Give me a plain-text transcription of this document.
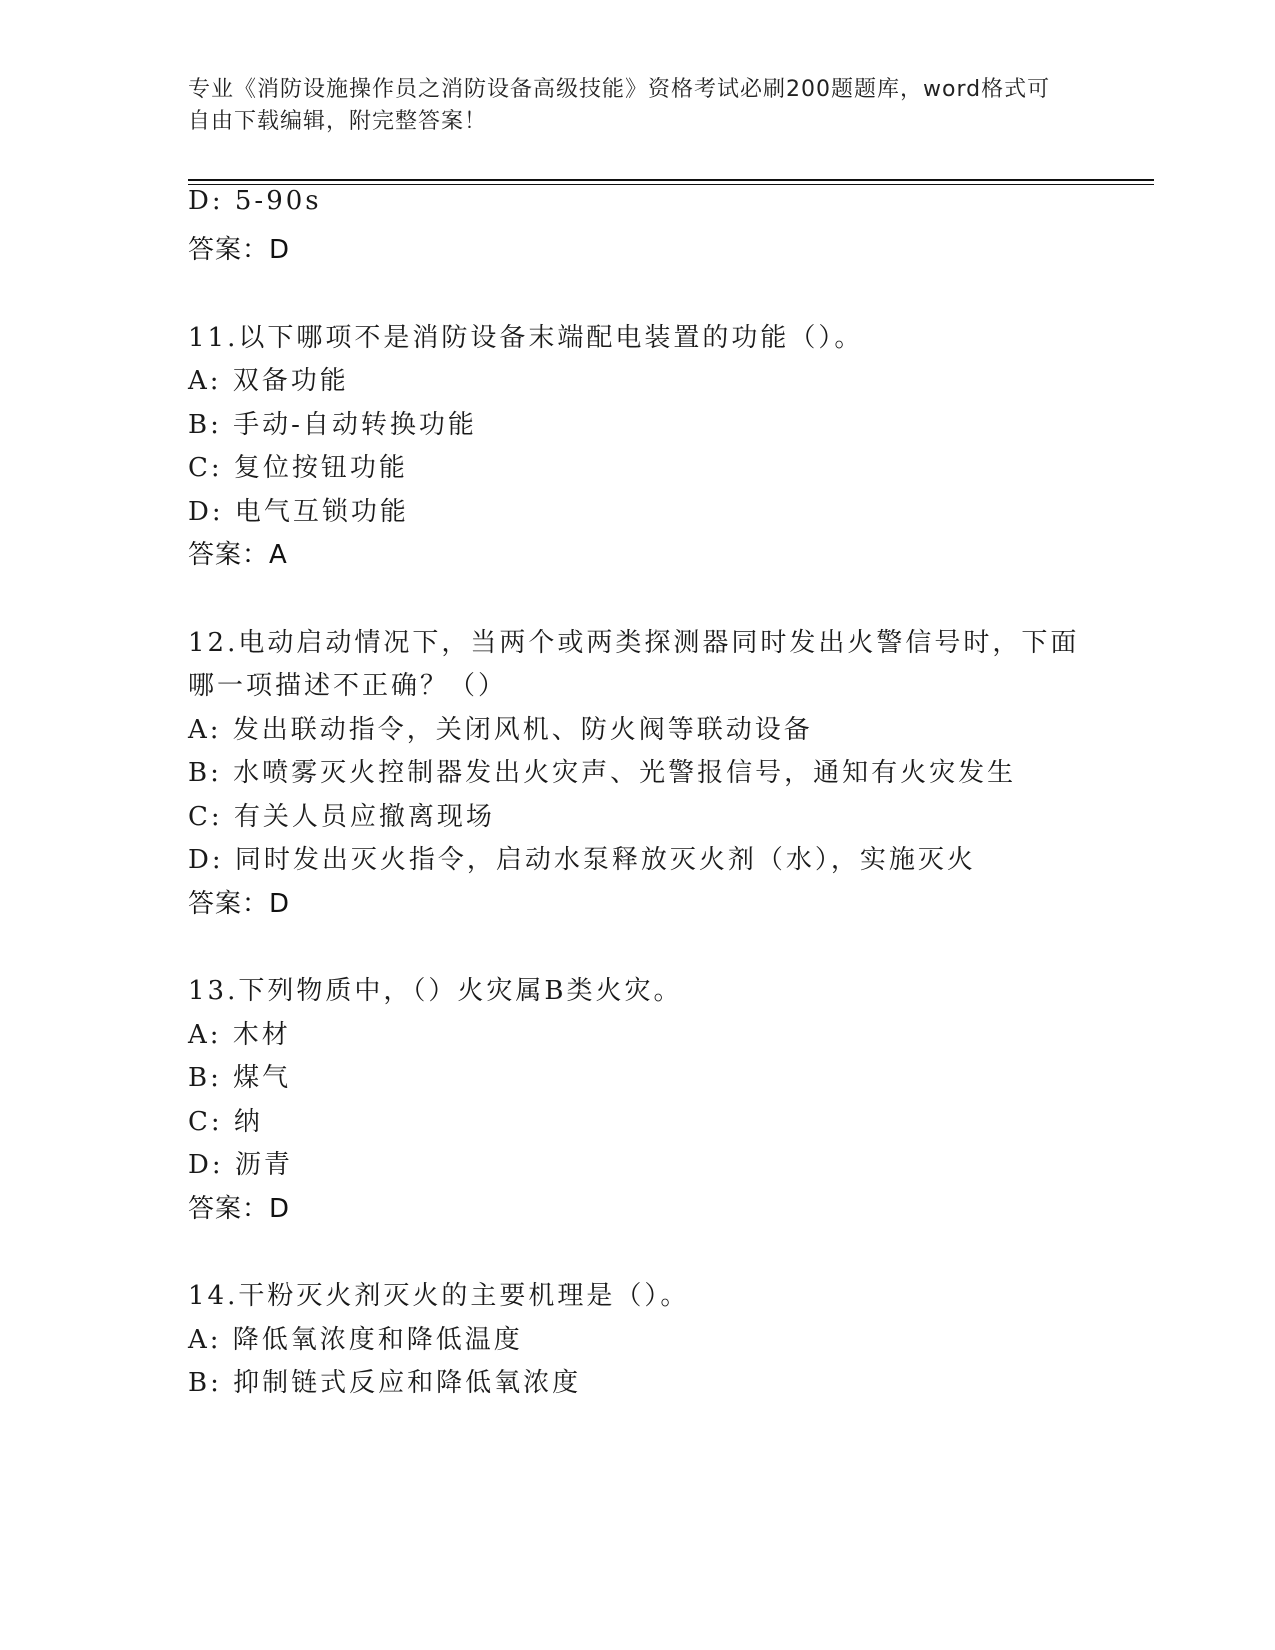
专业《消防设施操作员之消防设备高级技能》资格考试必刷200题题库，word格式可自由下载编辑，附完整答案！
D: 5-90s
答案：D
11.以下哪项不是消防设备末端配电装置的功能（）。
A: 双备功能
B: 手动-自动转换功能
C: 复位按钮功能
D: 电气互锁功能
答案：A
12.电动启动情况下，当两个或两类探测器同时发出火警信号时，下面
哪一项描述不正确？（）
A: 发出联动指令，关闭风机、防火阀等联动设备
B: 水喷雾灭火控制器发出火灾声、光警报信号，通知有火灾发生
C: 有关人员应撤离现场
D: 同时发出灭火指令，启动水泵释放灭火剂（水），实施灭火
答案：D
13.下列物质中，（）火灾属B类火灾。
A: 木材
B: 煤气
C: 纳
D: 沥青
答案：D
14.干粉灭火剂灭火的主要机理是（）。
A: 降低氧浓度和降低温度
B: 抑制链式反应和降低氧浓度
